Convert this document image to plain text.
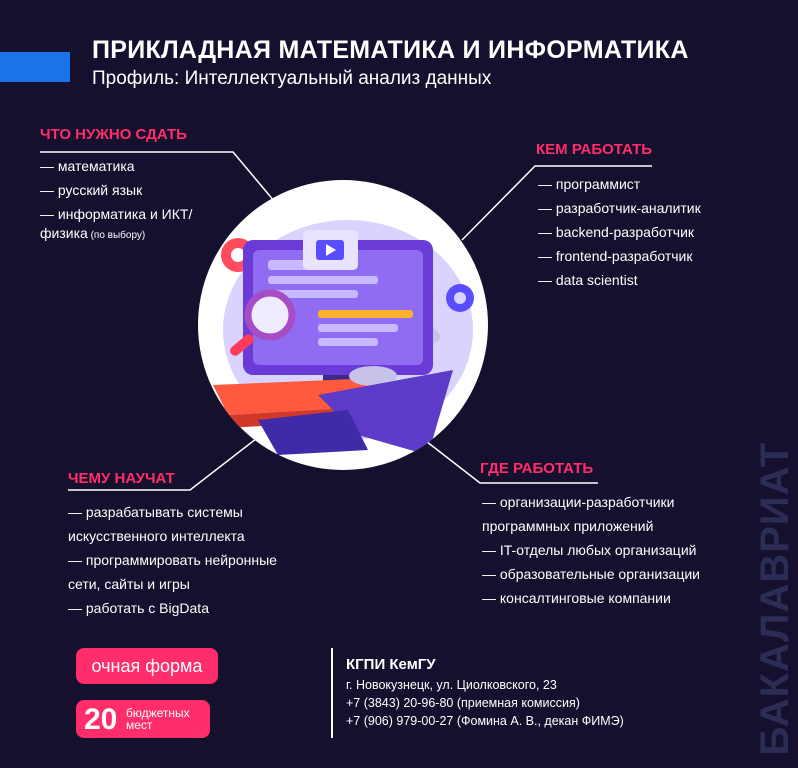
ПРИКЛАДНАЯ МАТЕМАТИКА И ИНФОРМАТИКА
Профиль: Интеллектуальный анализ данных
ЧТО НУЖНО СДАТЬ
— математика
— русский язык
— информатика и ИКТ/
физика (по выбору)
КЕМ РАБОТАТЬ
— программист
— разработчик-аналитик
— backend-разработчик
— frontend-разработчик
— data scientist
ЧЕМУ НАУЧАТ
— разрабатывать системы
искусственного интеллекта
— программировать нейронные
сети, сайты и игры
— работать с BigData
ГДЕ РАБОТАТЬ
— организации-разработчики
программных приложений
— IT-отделы любых организаций
— образовательные организации
— консалтинговые компании
очная форма
20 бюджетных
мест
КГПИ КемГУ
г. Новокузнецк, ул. Циолковского, 23
+7 (3843) 20-96-80 (приемная комиссия)
+7 (906) 979-00-27 (Фомина А. В., декан ФИМЭ)	БАКАЛАВРИАТ
